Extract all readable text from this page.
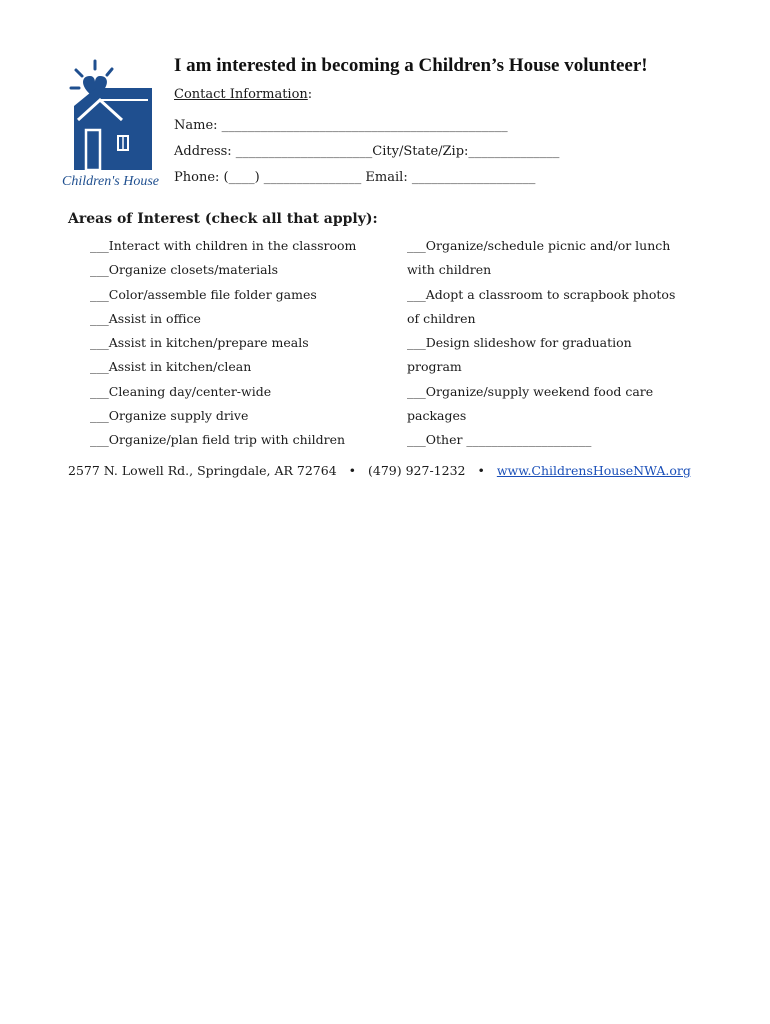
Children's House
I am interested in becoming a Children’s House volunteer!
Contact Information:
Name: ____________________________________________
Address: _____________________City/State/Zip:______________
Phone: (____) _______________ Email: ___________________
Areas of Interest (check all that apply):
___Interact with children in the classroom
___Organize closets/materials
___Color/assemble file folder games
___Assist in office
___Assist in kitchen/prepare meals
___Assist in kitchen/clean
___Cleaning day/center-wide
___Organize supply drive
___Organize/plan field trip with children
___Organize/schedule picnic and/or lunch
with children
___Adopt a classroom to scrapbook photos
of children
___Design slideshow for graduation
program
___Organize/supply weekend food care
packages
___Other ____________________
2577 N. Lowell Rd., Springdale, AR 72764 • (479) 927-1232 • www.ChildrensHouseNWA.org
